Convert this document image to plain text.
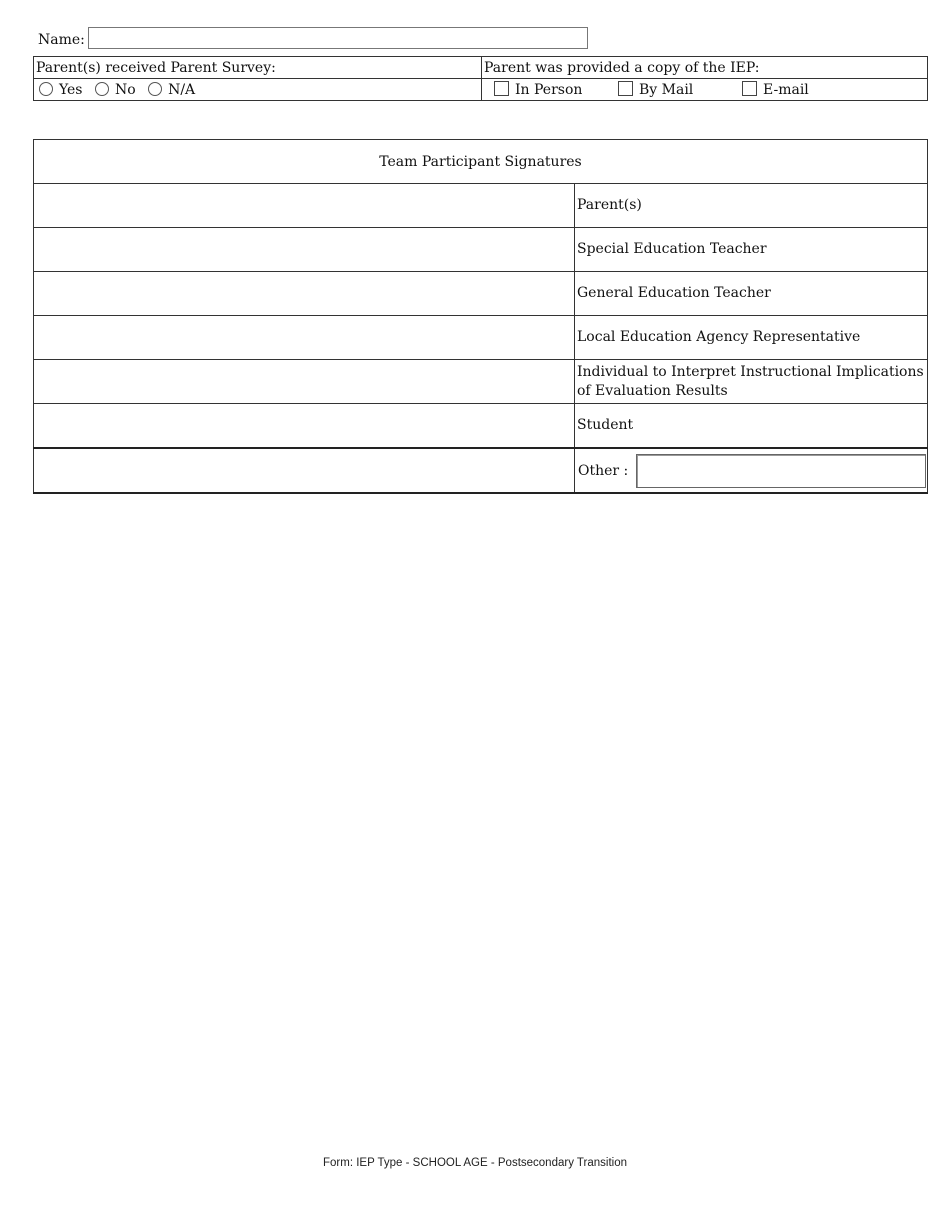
Name:
Parent(s) received Parent Survey:	Parent was provided a copy of the IEP:
Yes No N/A	In Person By Mail E-mail
Team Participant Signatures	
	Parent(s)
	Special Education Teacher
	General Education Teacher
	Local Education Agency Representative
	Individual to Interpret Instructional Implications of Evaluation Results
	Student

	Other :
Form: IEP Type - SCHOOL AGE - Postsecondary Transition
